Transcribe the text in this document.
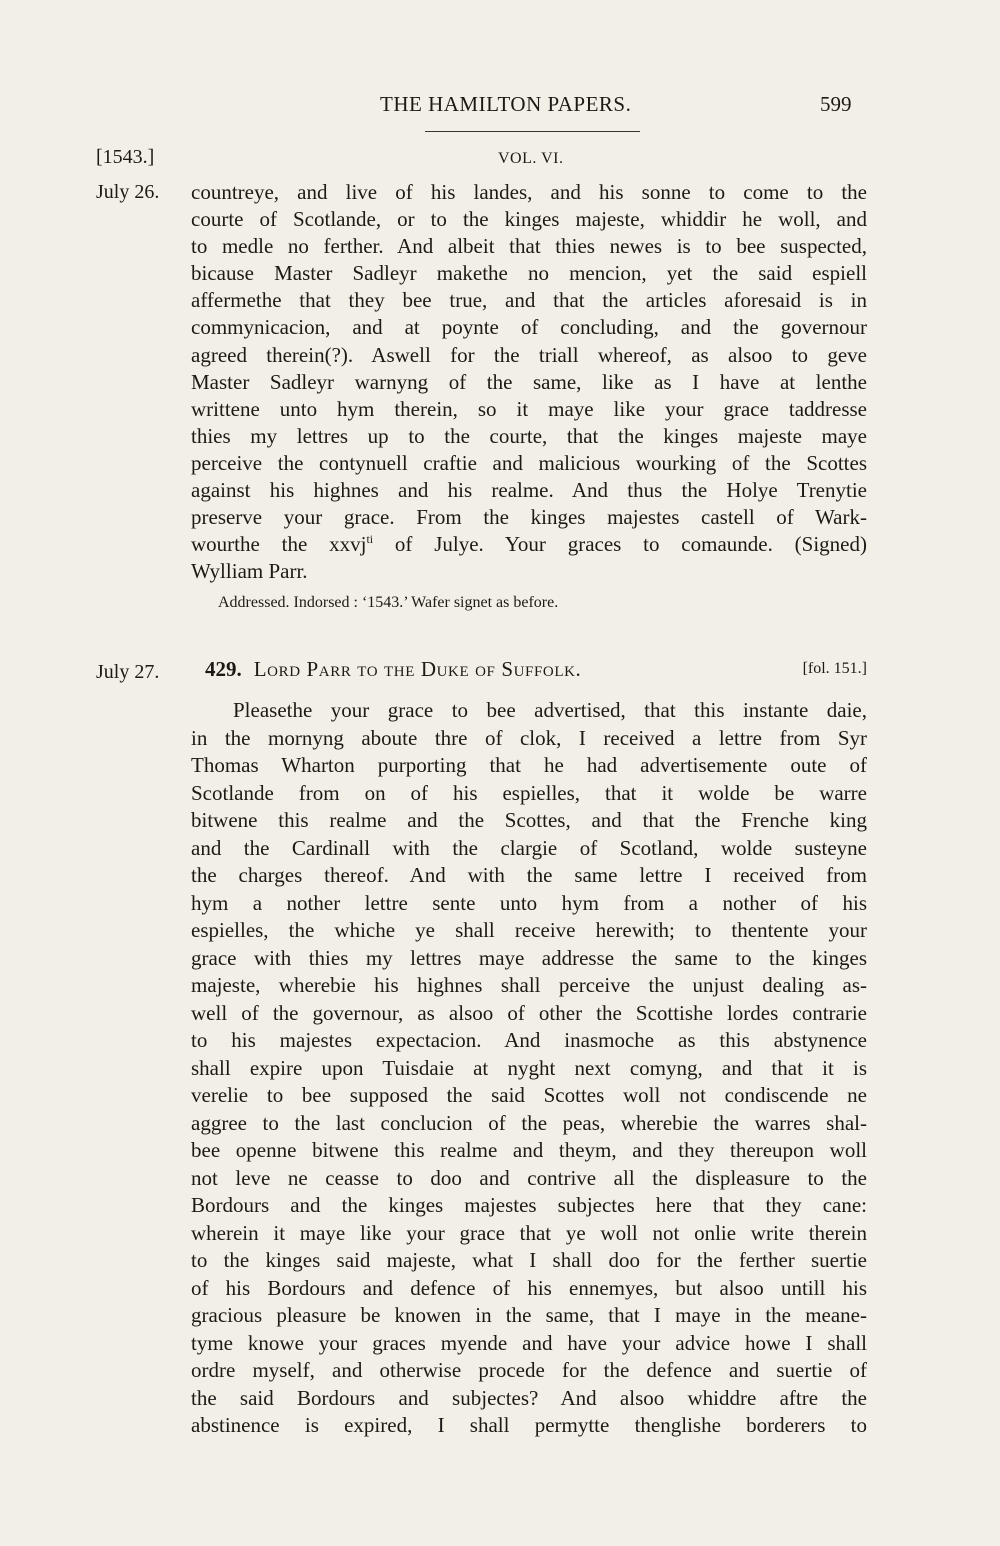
THE HAMILTON PAPERS.	599
[1543.]	VOL. VI.
July 26. countreye, and live of his landes, and his sonne to come to the
courte of Scotlande, or to the kinges majeste, whiddir he woll, and
to medle no ferther. And albeit that thies newes is to bee suspected,
bicause Master Sadleyr makethe no mencion, yet the said espiell
affermethe that they bee true, and that the articles aforesaid is in
commynicacion, and at poynte of concluding, and the governour
agreed therein(?). Aswell for the triall whereof, as alsoo to geve
Master Sadleyr warnyng of the same, like as I have at lenthe
writtene unto hym therein, so it maye like your grace taddresse
thies my lettres up to the courte, that the kinges majeste maye
perceive the contynuell craftie and malicious wourking of the Scottes
against his highnes and his realme. And thus the Holye Trenytie
preserve your grace. From the kinges majestes castell of Wark-
wourthe the xxvj$^{ti}$ of Julye. Your graces to comaunde. (Signed)
Wylliam Parr.
Addressed. Indorsed : ‘1543.’ Wafer signet as before.
July 27. 429. Lord Parr to the Duke of Suffolk.	[fol. 151.]
Pleasethe your grace to bee advertised, that this instante daie,
in the mornyng aboute thre of clok, I received a lettre from Syr
Thomas Wharton purporting that he had advertisemente oute of
Scotlande from on of his espielles, that it wolde be warre
bitwene this realme and the Scottes, and that the Frenche king
and the Cardinall with the clargie of Scotland, wolde susteyne
the charges thereof. And with the same lettre I received from
hym a nother lettre sente unto hym from a nother of his
espielles, the whiche ye shall receive herewith; to thentente your
grace with thies my lettres maye addresse the same to the kinges
majeste, wherebie his highnes shall perceive the unjust dealing as-
well of the governour, as alsoo of other the Scottishe lordes contrarie
to his majestes expectacion. And inasmoche as this abstynence
shall expire upon Tuisdaie at nyght next comyng, and that it is
verelie to bee supposed the said Scottes woll not condiscende ne
aggree to the last conclucion of the peas, wherebie the warres shal-
bee openne bitwene this realme and theym, and they thereupon woll
not leve ne ceasse to doo and contrive all the displeasure to the
Bordours and the kinges majestes subjectes here that they cane:
wherein it maye like your grace that ye woll not onlie write therein
to the kinges said majeste, what I shall doo for the ferther suertie
of his Bordours and defence of his ennemyes, but alsoo untill his
gracious pleasure be knowen in the same, that I maye in the meane-
tyme knowe your graces myende and have your advice howe I shall
ordre myself, and otherwise procede for the defence and suertie of
the said Bordours and subjectes? And alsoo whiddre aftre the
abstinence is expired, I shall permytte thenglishe borderers to
